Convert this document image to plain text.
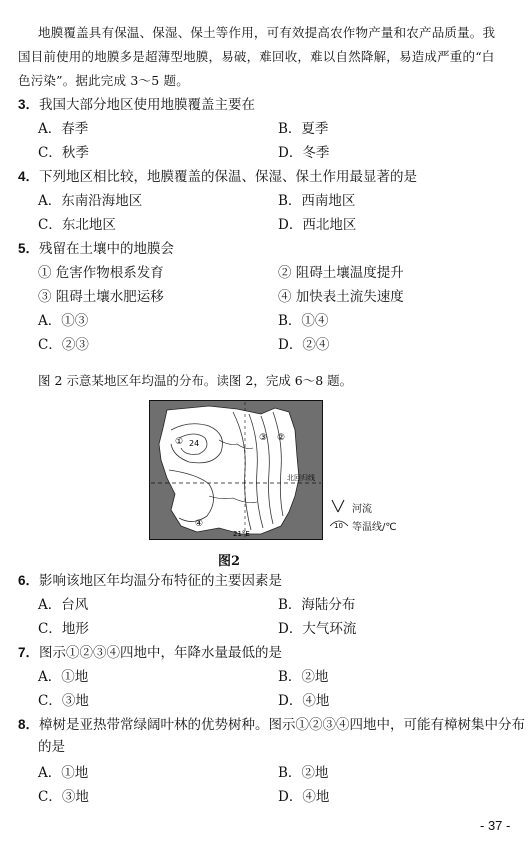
地膜覆盖具有保温、保湿、保土等作用，可有效提高农作物产量和农产品质量。我
国目前使用的地膜多是超薄型地膜，易破，难回收，难以自然降解，易造成严重的“白
色污染”。据此完成 3～5 题。
3．我国大部分地区使用地膜覆盖主要在
A．春季	B．夏季
C．秋季	D．冬季
4．下列地区相比较，地膜覆盖的保温、保湿、保土作用最显著的是
A．东南沿海地区	B．西南地区
C．东北地区	D．西北地区
5．残留在土壤中的地膜会
① 危害作物根系发育	② 阻碍土壤温度提升
③ 阻碍土壤水肥运移	④ 加快表土流失速度
A．①③	B．①④
C．②③	D．②④
图 2 示意某地区年均温的分布。读图 2，完成 6～8 题。
24
①	②
③
④
北回归线
21°E
10
河流
等温线/℃
图2
6．影响该地区年均温分布特征的主要因素是
A．台风	B．海陆分布
C．地形	D．大气环流
7．图示①②③④四地中，年降水量最低的是
A．①地	B．②地
C．③地	D．④地
8．樟树是亚热带常绿阔叶林的优势树种。图示①②③④四地中，可能有樟树集中分布
的是
A．①地	B．②地
C．③地	D．④地
- 37 -
